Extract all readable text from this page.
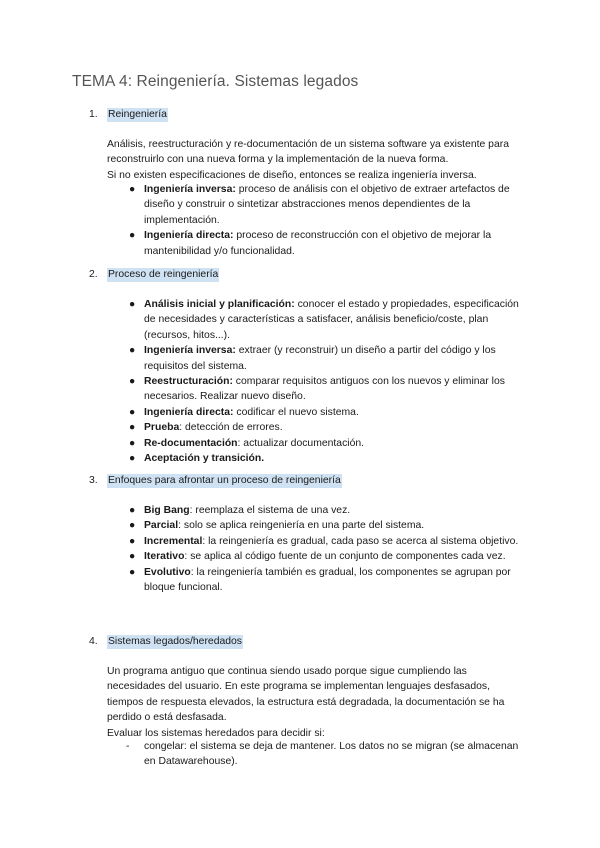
TEMA 4: Reingeniería. Sistemas legados
1. Reingeniería

Análisis, reestructuración y re-documentación de un sistema software ya existente para reconstruirlo con una nueva forma y la implementación de la nueva forma.
Si no existen especificaciones de diseño, entonces se realiza ingeniería inversa.

● Ingeniería inversa: proceso de análisis con el objetivo de extraer artefactos de diseño y construir o sintetizar abstracciones menos dependientes de la implementación.
● Ingeniería directa: proceso de reconstrucción con el objetivo de mejorar la mantenibilidad y/o funcionalidad.
2. Proceso de reingeniería
● Análisis inicial y planificación: conocer el estado y propiedades, especificación de necesidades y características a satisfacer, análisis beneficio/coste, plan (recursos, hitos...).
● Ingeniería inversa: extraer (y reconstruir) un diseño a partir del código y los requisitos del sistema.
● Reestructuración: comparar requisitos antiguos con los nuevos y eliminar los necesarios. Realizar nuevo diseño.
● Ingeniería directa: codificar el nuevo sistema.
● Prueba: detección de errores.
● Re-documentación: actualizar documentación.
● Aceptación y transición.
3. Enfoques para afrontar un proceso de reingeniería
● Big Bang: reemplaza el sistema de una vez.
● Parcial: solo se aplica reingeniería en una parte del sistema.
● Incremental: la reingeniería es gradual, cada paso se acerca al sistema objetivo.
● Iterativo: se aplica al código fuente de un conjunto de componentes cada vez.
● Evolutivo: la reingeniería también es gradual, los componentes se agrupan por bloque funcional.
4. Sistemas legados/heredados

Un programa antiguo que continua siendo usado porque sigue cumpliendo las necesidades del usuario. En este programa se implementan lenguajes desfasados, tiempos de respuesta elevados, la estructura está degradada, la documentación se ha perdido o está desfasada.
Evaluar los sistemas heredados para decidir si:

- congelar: el sistema se deja de mantener. Los datos no se migran (se almacenan en Datawarehouse).
